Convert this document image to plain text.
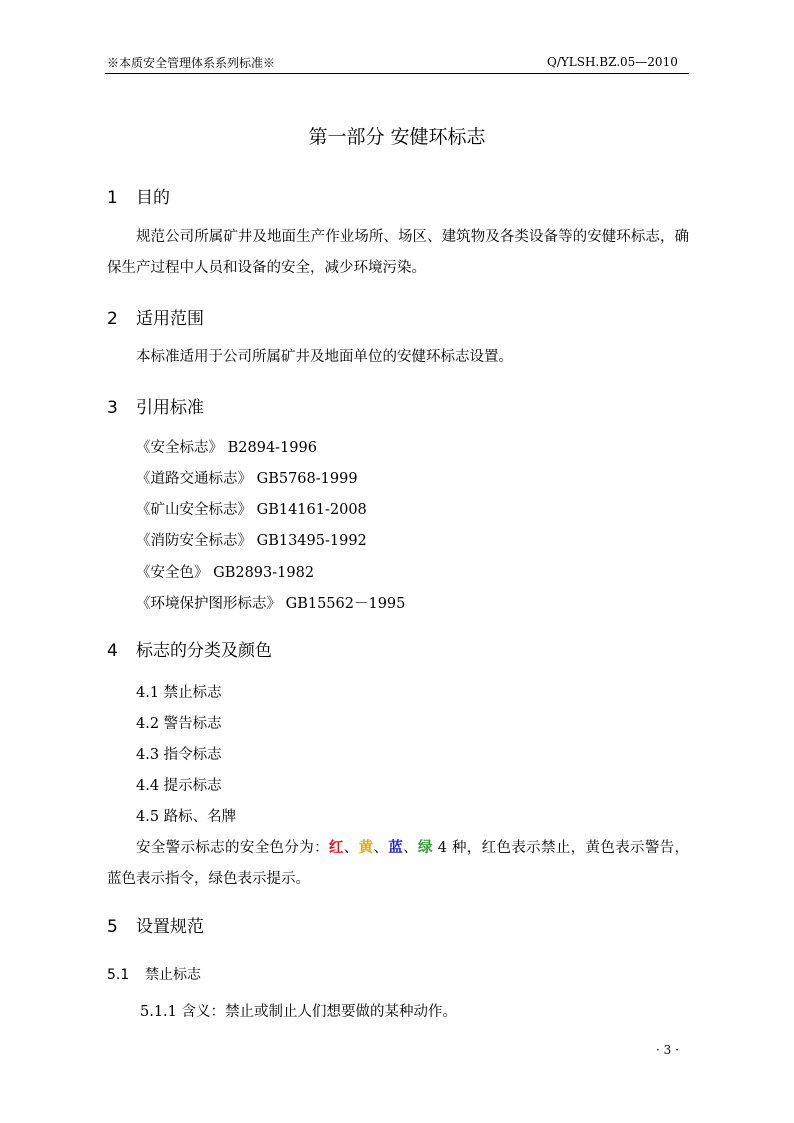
※本质安全管理体系系列标准※	Q/YLSH.BZ.05—2010
第一部分 安健环标志
1 目的
规范公司所属矿井及地面生产作业场所、场区、建筑物及各类设备等的安健环标志，确保生产过程中人员和设备的安全，减少环境污染。
2 适用范围
本标准适用于公司所属矿井及地面单位的安健环标志设置。
3 引用标准
《安全标志》 B2894-1996
《道路交通标志》 GB5768-1999
《矿山安全标志》 GB14161-2008
《消防安全标志》 GB13495-1992
《安全色》 GB2893-1982
《环境保护图形标志》 GB15562－1995
4 标志的分类及颜色
4.1 禁止标志
4.2 警告标志
4.3 指令标志
4.4 提示标志
4.5 路标、名牌
安全警示标志的安全色分为：红、黄、蓝、绿 4 种，红色表示禁止，黄色表示警告，蓝色表示指令，绿色表示提示。
5 设置规范
5.1 禁止标志
5.1.1 含义：禁止或制止人们想要做的某种动作。
· 3 ·
